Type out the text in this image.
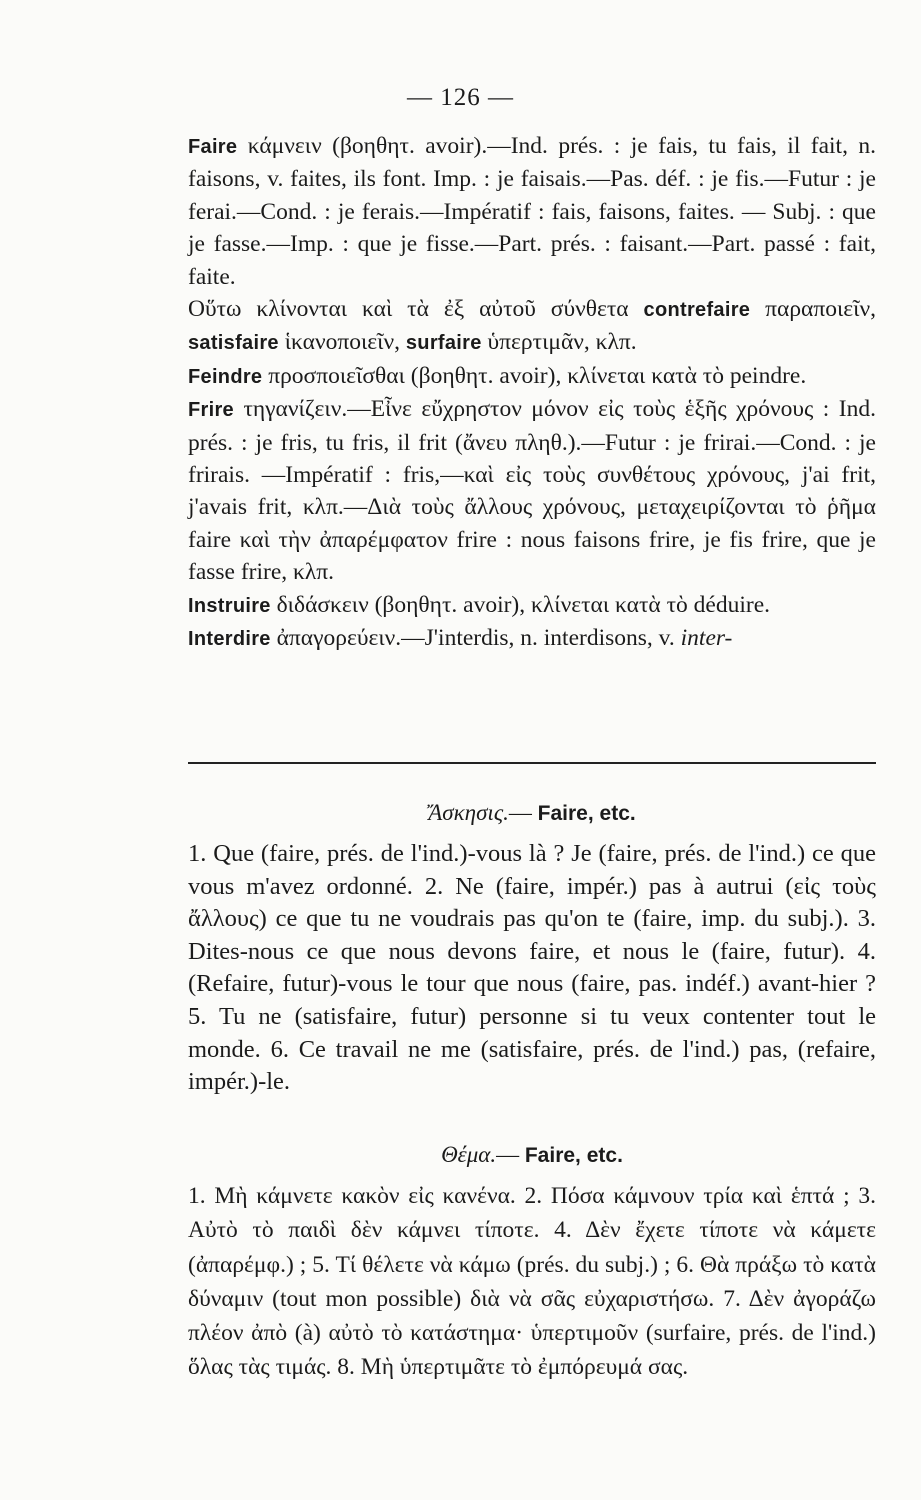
— 126 —

Faire κάμνειν (βοηθητ. avoir).—Ind. prés. : je fais, tu fais, il fait, n. faisons, v. faites, ils font. Imp. : je faisais.—Pas. déf. : je fis.—Futur : je ferai.—Cond. : je ferais.—Impératif : fais, faisons, faites. — Subj. : que je fasse.—Imp. : que je fisse.—Part. prés. : faisant.—Part. passé : fait, faite.

Οὕτω κλίνονται καὶ τὰ ἐξ αὐτοῦ σύνθετα contrefaire παραποιεῖν, satisfaire ἱκανοποιεῖν, surfaire ὑπερτιμᾶν, κλπ.

Feindre προσποιεῖσθαι (βοηθητ. avoir), κλίνεται κατὰ τὸ peindre.

Frire τηγανίζειν.—Εἶνε εὔχρηστον μόνον εἰς τοὺς ἑξῆς χρόνους : Ind. prés. : je fris, tu fris, il frit (ἄνευ πληθ.).—Futur : je frirai.—Cond. : je frirais. —Impératif : fris,—καὶ εἰς τοὺς συνθέτους χρόνους, j'ai frit, j'avais frit, κλπ.—Διὰ τοὺς ἄλλους χρόνους, μεταχειρίζονται τὸ ῥῆμα faire καὶ τὴν ἀπαρέμφατον frire : nous faisons frire, je fis frire, que je fasse frire, κλπ.

Instruire διδάσκειν (βοηθητ. avoir), κλίνεται κατὰ τὸ déduire.

Interdire ἀπαγορεύειν.—J'interdis, n. interdisons, v. inter-

Ἄσκησις.— Faire, etc.

1. Que (faire, prés. de l'ind.)-vous là ? Je (faire, prés. de l'ind.) ce que vous m'avez ordonné. 2. Ne (faire, impér.) pas à autrui (εἰς τοὺς ἄλλους) ce que tu ne voudrais pas qu'on te (faire, imp. du subj.). 3. Dites-nous ce que nous devons faire, et nous le (faire, futur). 4. (Refaire, futur)-vous le tour que nous (faire, pas. indéf.) avant-hier ? 5. Tu ne (satisfaire, futur) personne si tu veux contenter tout le monde. 6. Ce travail ne me (satisfaire, prés. de l'ind.) pas, (refaire, impér.)-le.

Θέμα.— Faire, etc.

1. Μὴ κάμνετε κακὸν εἰς κανένα. 2. Πόσα κάμνουν τρία καὶ ἑπτά ; 3. Αὐτὸ τὸ παιδὶ δὲν κάμνει τίποτε. 4. Δὲν ἔχετε τίποτε νὰ κάμετε (ἀπαρέμφ.) ; 5. Τί θέλετε νὰ κάμω (prés. du subj.) ; 6. Θὰ πράξω τὸ κατὰ δύναμιν (tout mon possible) διὰ νὰ σᾶς εὐχαριστήσω. 7. Δὲν ἀγοράζω πλέον ἀπὸ (à) αὐτὸ τὸ κατάστημα· ὑπερτιμοῦν (surfaire, prés. de l'ind.) ὅλας τὰς τιμάς. 8. Μὴ ὑπερτιμᾶτε τὸ ἐμπόρευμά σας.
